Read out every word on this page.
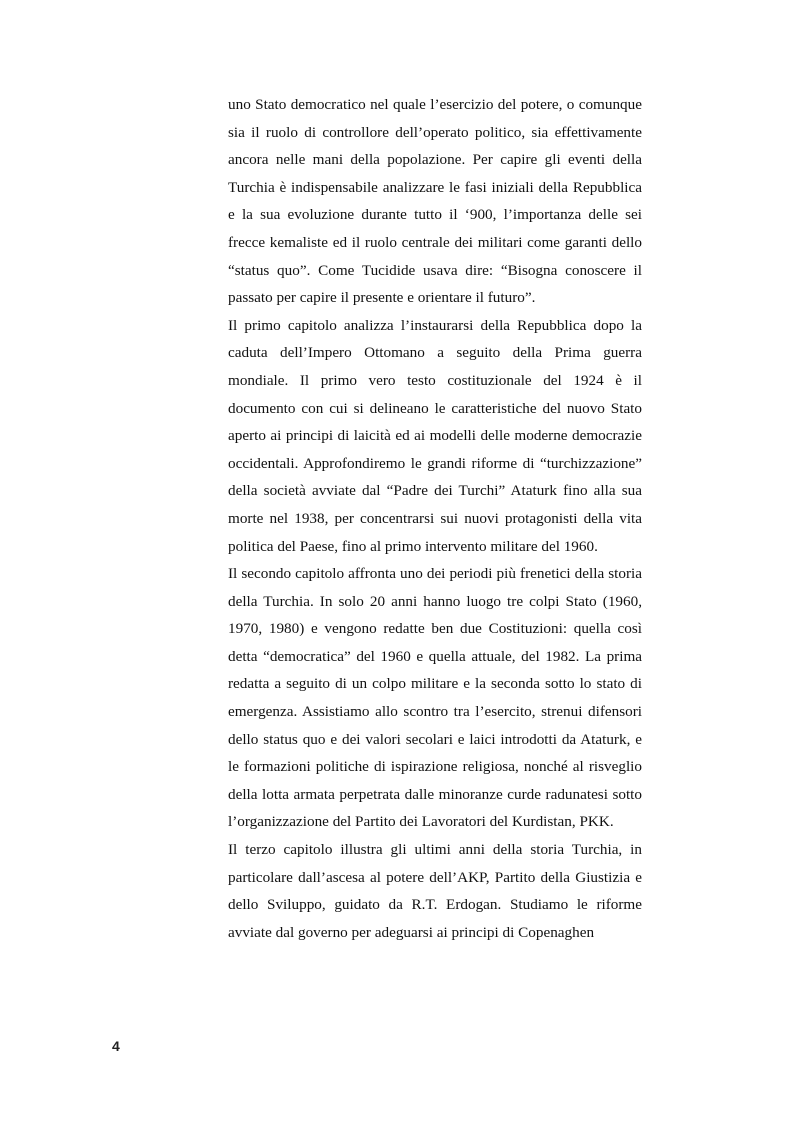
uno Stato democratico nel quale l’esercizio del potere, o comunque sia il ruolo di controllore dell’operato politico, sia effettivamente ancora nelle mani della popolazione. Per capire gli eventi della Turchia è indispensabile analizzare le fasi iniziali della Repubblica e la sua evoluzione durante tutto il ‘900, l’importanza delle sei frecce kemaliste ed il ruolo centrale dei militari come garanti dello “status quo”. Come Tucidide usava dire: “Bisogna conoscere il passato per capire il presente e orientare il futuro”.

Il primo capitolo analizza l’instaurarsi della Repubblica dopo la caduta dell’Impero Ottomano a seguito della Prima guerra mondiale. Il primo vero testo costituzionale del 1924 è il documento con cui si delineano le caratteristiche del nuovo Stato aperto ai principi di laicità ed ai modelli delle moderne democrazie occidentali. Approfondiremo le grandi riforme di “turchizzazione” della società avviate dal “Padre dei Turchi” Ataturk fino alla sua morte nel 1938, per concentrarsi sui nuovi protagonisti della vita politica del Paese, fino al primo intervento militare del 1960.

Il secondo capitolo affronta uno dei periodi più frenetici della storia della Turchia. In solo 20 anni hanno luogo tre colpi Stato (1960, 1970, 1980) e vengono redatte ben due Costituzioni: quella così detta “democratica” del 1960 e quella attuale, del 1982. La prima redatta a seguito di un colpo militare e la seconda sotto lo stato di emergenza. Assistiamo allo scontro tra l’esercito, strenui difensori dello status quo e dei valori secolari e laici introdotti da Ataturk, e le formazioni politiche di ispirazione religiosa, nonché al risveglio della lotta armata perpetrata dalle minoranze curde radunatesi sotto l’organizzazione del Partito dei Lavoratori del Kurdistan, PKK.

Il terzo capitolo illustra gli ultimi anni della storia Turchia, in particolare dall’ascesa al potere dell’AKP, Partito della Giustizia e dello Sviluppo, guidato da R.T. Erdogan. Studiamo le riforme avviate dal governo per adeguarsi ai principi di Copenaghen

4
